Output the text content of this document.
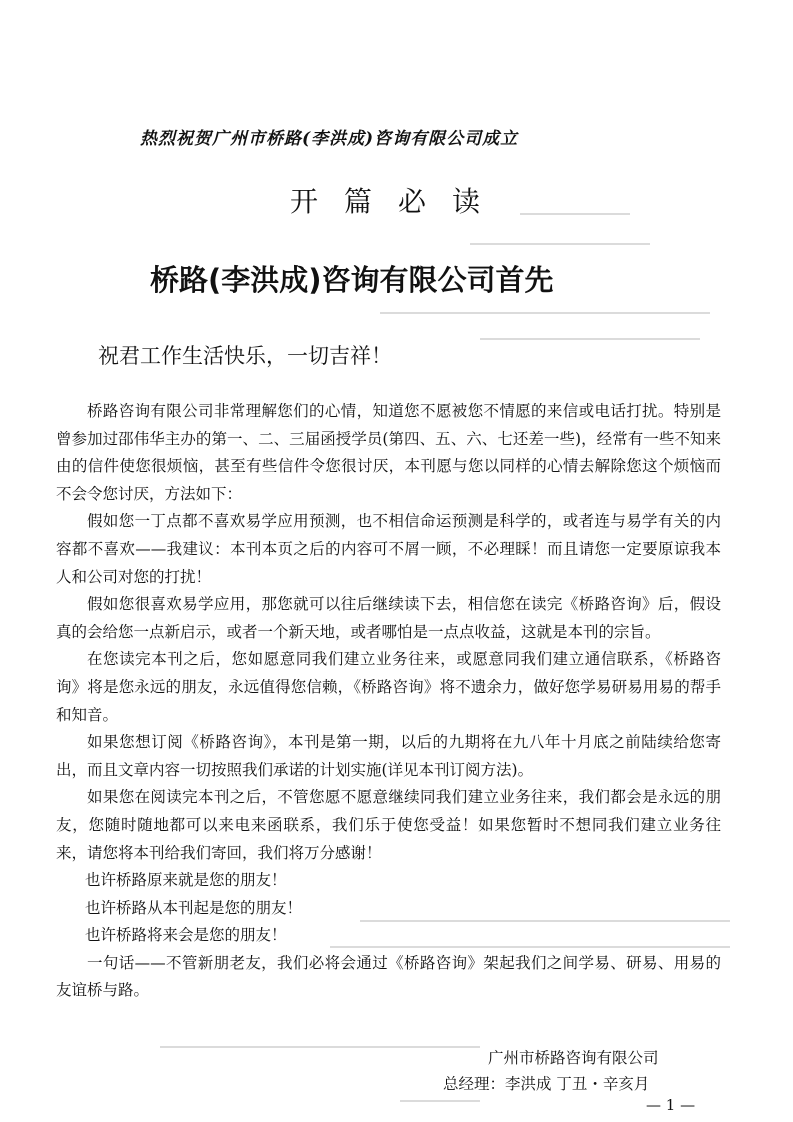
热烈祝贺广州市桥路(李洪成)咨询有限公司成立
开篇必读
桥路(李洪成)咨询有限公司首先
祝君工作生活快乐，一切吉祥！

桥路咨询有限公司非常理解您们的心情，知道您不愿被您不情愿的来信或电话打扰。特别是曾参加过邵伟华主办的第一、二、三届函授学员(第四、五、六、七还差一些)，经常有一些不知来由的信件使您很烦恼，甚至有些信件令您很讨厌，本刊愿与您以同样的心情去解除您这个烦恼而不会令您讨厌，方法如下：

假如您一丁点都不喜欢易学应用预测，也不相信命运预测是科学的，或者连与易学有关的内容都不喜欢——我建议：本刊本页之后的内容可不屑一顾，不必理睬！而且请您一定要原谅我本人和公司对您的打扰！

假如您很喜欢易学应用，那您就可以往后继续读下去，相信您在读完《桥路咨询》后，假设真的会给您一点新启示，或者一个新天地，或者哪怕是一点点收益，这就是本刊的宗旨。

在您读完本刊之后，您如愿意同我们建立业务往来，或愿意同我们建立通信联系，《桥路咨询》将是您永远的朋友，永远值得您信赖，《桥路咨询》将不遗余力，做好您学易研易用易的帮手和知音。

如果您想订阅《桥路咨询》，本刊是第一期，以后的九期将在九八年十月底之前陆续给您寄出，而且文章内容一切按照我们承诺的计划实施(详见本刊订阅方法)。

如果您在阅读完本刊之后，不管您愿不愿意继续同我们建立业务往来，我们都会是永远的朋友，您随时随地都可以来电来函联系，我们乐于使您受益！如果您暂时不想同我们建立业务往来，请您将本刊给我们寄回，我们将万分感谢！

也许桥路原来就是您的朋友！

也许桥路从本刊起是您的朋友！

也许桥路将来会是您的朋友！

一句话——不管新朋老友，我们必将会通过《桥路咨询》架起我们之间学易、研易、用易的友谊桥与路。

广州市桥路咨询有限公司
总经理：李洪成 丁丑・辛亥月
— 1 —
